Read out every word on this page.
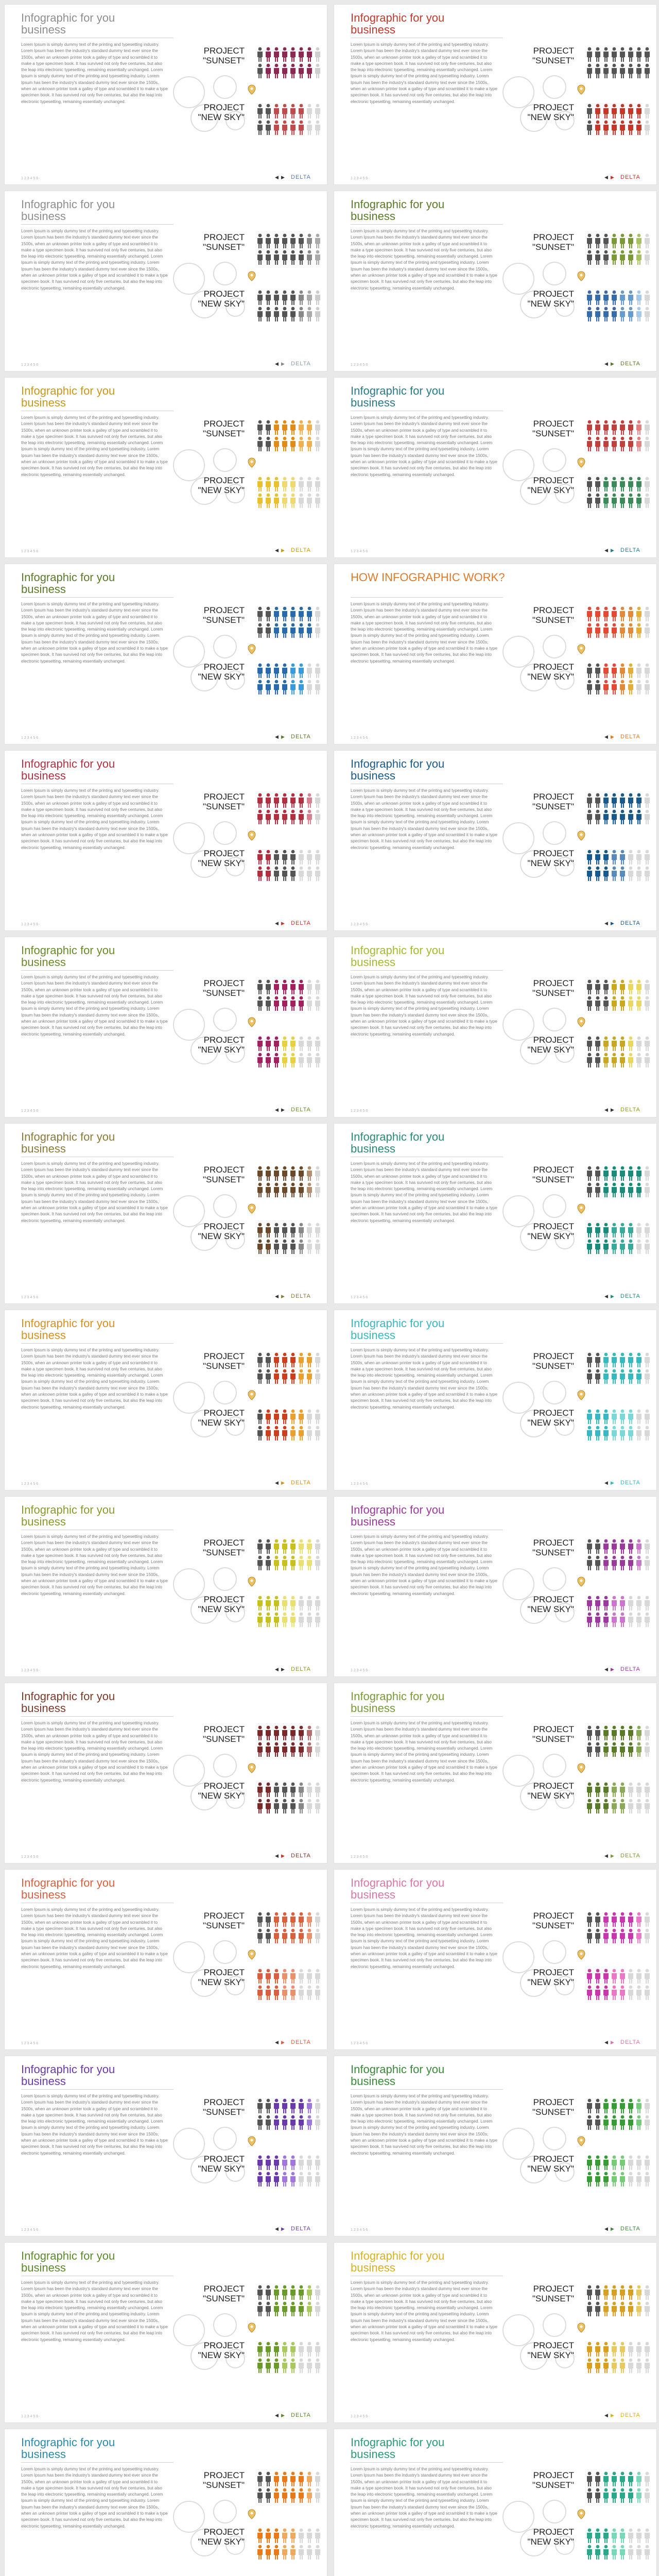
Infographic for you
business

Lorem Ipsum is simply dummy text of the printing and typesetting industry. Lorem Ipsum has been the industry's standard dummy text ever since the 1500s, when an unknown printer took a galley of type and scrambled it to make a type specimen book. It has survived not only five centuries, but also the leap into electronic typesetting, remaining essentially unchanged. Lorem Ipsum is simply dummy text of the printing and typesetting industry. Lorem Ipsum has been the industry's standard dummy text ever since the 1500s, when an unknown printer took a galley of type and scrambled it to make a type specimen book. It has survived not only five centuries, but also the leap into electronic typesetting, remaining essentially unchanged.

PROJECT
"SUNSET"
PROJECT
"NEW SKY"
1 2 3 4 5 6	◀ ▶ DELTA
Infographic for you
business

Lorem Ipsum is simply dummy text of the printing and typesetting industry. Lorem Ipsum has been the industry's standard dummy text ever since the 1500s, when an unknown printer took a galley of type and scrambled it to make a type specimen book. It has survived not only five centuries, but also the leap into electronic typesetting, remaining essentially unchanged. Lorem Ipsum is simply dummy text of the printing and typesetting industry. Lorem Ipsum has been the industry's standard dummy text ever since the 1500s, when an unknown printer took a galley of type and scrambled it to make a type specimen book. It has survived not only five centuries, but also the leap into electronic typesetting, remaining essentially unchanged.

PROJECT
"SUNSET"
PROJECT
"NEW SKY"
1 2 3 4 5 6	◀ ▶ DELTA
Infographic for you
business

Lorem Ipsum is simply dummy text of the printing and typesetting industry. Lorem Ipsum has been the industry's standard dummy text ever since the 1500s, when an unknown printer took a galley of type and scrambled it to make a type specimen book. It has survived not only five centuries, but also the leap into electronic typesetting, remaining essentially unchanged. Lorem Ipsum is simply dummy text of the printing and typesetting industry. Lorem Ipsum has been the industry's standard dummy text ever since the 1500s, when an unknown printer took a galley of type and scrambled it to make a type specimen book. It has survived not only five centuries, but also the leap into electronic typesetting, remaining essentially unchanged.

PROJECT
"SUNSET"
PROJECT
"NEW SKY"
1 2 3 4 5 6	◀ ▶ DELTA
Infographic for you
business

Lorem Ipsum is simply dummy text of the printing and typesetting industry. Lorem Ipsum has been the industry's standard dummy text ever since the 1500s, when an unknown printer took a galley of type and scrambled it to make a type specimen book. It has survived not only five centuries, but also the leap into electronic typesetting, remaining essentially unchanged. Lorem Ipsum is simply dummy text of the printing and typesetting industry. Lorem Ipsum has been the industry's standard dummy text ever since the 1500s, when an unknown printer took a galley of type and scrambled it to make a type specimen book. It has survived not only five centuries, but also the leap into electronic typesetting, remaining essentially unchanged.

PROJECT
"SUNSET"
PROJECT
"NEW SKY"
1 2 3 4 5 6	◀ ▶ DELTA
Infographic for you
business

Lorem Ipsum is simply dummy text of the printing and typesetting industry. Lorem Ipsum has been the industry's standard dummy text ever since the 1500s, when an unknown printer took a galley of type and scrambled it to make a type specimen book. It has survived not only five centuries, but also the leap into electronic typesetting, remaining essentially unchanged. Lorem Ipsum is simply dummy text of the printing and typesetting industry. Lorem Ipsum has been the industry's standard dummy text ever since the 1500s, when an unknown printer took a galley of type and scrambled it to make a type specimen book. It has survived not only five centuries, but also the leap into electronic typesetting, remaining essentially unchanged.

PROJECT
"SUNSET"
PROJECT
"NEW SKY"
1 2 3 4 5 6	◀ ▶ DELTA
Infographic for you
business

Lorem Ipsum is simply dummy text of the printing and typesetting industry. Lorem Ipsum has been the industry's standard dummy text ever since the 1500s, when an unknown printer took a galley of type and scrambled it to make a type specimen book. It has survived not only five centuries, but also the leap into electronic typesetting, remaining essentially unchanged. Lorem Ipsum is simply dummy text of the printing and typesetting industry. Lorem Ipsum has been the industry's standard dummy text ever since the 1500s, when an unknown printer took a galley of type and scrambled it to make a type specimen book. It has survived not only five centuries, but also the leap into electronic typesetting, remaining essentially unchanged.

PROJECT
"SUNSET"
PROJECT
"NEW SKY"
1 2 3 4 5 6	◀ ▶ DELTA
Infographic for you
business

Lorem Ipsum is simply dummy text of the printing and typesetting industry. Lorem Ipsum has been the industry's standard dummy text ever since the 1500s, when an unknown printer took a galley of type and scrambled it to make a type specimen book. It has survived not only five centuries, but also the leap into electronic typesetting, remaining essentially unchanged. Lorem Ipsum is simply dummy text of the printing and typesetting industry. Lorem Ipsum has been the industry's standard dummy text ever since the 1500s, when an unknown printer took a galley of type and scrambled it to make a type specimen book. It has survived not only five centuries, but also the leap into electronic typesetting, remaining essentially unchanged.

PROJECT
"SUNSET"
PROJECT
"NEW SKY"
1 2 3 4 5 6	◀ ▶ DELTA
HOW INFOGRAPHIC WORK?

Lorem Ipsum is simply dummy text of the printing and typesetting industry. Lorem Ipsum has been the industry's standard dummy text ever since the 1500s, when an unknown printer took a galley of type and scrambled it to make a type specimen book. It has survived not only five centuries, but also the leap into electronic typesetting, remaining essentially unchanged. Lorem Ipsum is simply dummy text of the printing and typesetting industry. Lorem Ipsum has been the industry's standard dummy text ever since the 1500s, when an unknown printer took a galley of type and scrambled it to make a type specimen book. It has survived not only five centuries, but also the leap into electronic typesetting, remaining essentially unchanged.

PROJECT
"SUNSET"
PROJECT
"NEW SKY"
1 2 3 4 5 6	◀ ▶ DELTA
Infographic for you
business

Lorem Ipsum is simply dummy text of the printing and typesetting industry. Lorem Ipsum has been the industry's standard dummy text ever since the 1500s, when an unknown printer took a galley of type and scrambled it to make a type specimen book. It has survived not only five centuries, but also the leap into electronic typesetting, remaining essentially unchanged. Lorem Ipsum is simply dummy text of the printing and typesetting industry. Lorem Ipsum has been the industry's standard dummy text ever since the 1500s, when an unknown printer took a galley of type and scrambled it to make a type specimen book. It has survived not only five centuries, but also the leap into electronic typesetting, remaining essentially unchanged.

PROJECT
"SUNSET"
PROJECT
"NEW SKY"
1 2 3 4 5 6	◀ ▶ DELTA
Infographic for you
business

Lorem Ipsum is simply dummy text of the printing and typesetting industry. Lorem Ipsum has been the industry's standard dummy text ever since the 1500s, when an unknown printer took a galley of type and scrambled it to make a type specimen book. It has survived not only five centuries, but also the leap into electronic typesetting, remaining essentially unchanged. Lorem Ipsum is simply dummy text of the printing and typesetting industry. Lorem Ipsum has been the industry's standard dummy text ever since the 1500s, when an unknown printer took a galley of type and scrambled it to make a type specimen book. It has survived not only five centuries, but also the leap into electronic typesetting, remaining essentially unchanged.

PROJECT
"SUNSET"
PROJECT
"NEW SKY"
1 2 3 4 5 6	◀ ▶ DELTA
Infographic for you
business

Lorem Ipsum is simply dummy text of the printing and typesetting industry. Lorem Ipsum has been the industry's standard dummy text ever since the 1500s, when an unknown printer took a galley of type and scrambled it to make a type specimen book. It has survived not only five centuries, but also the leap into electronic typesetting, remaining essentially unchanged. Lorem Ipsum is simply dummy text of the printing and typesetting industry. Lorem Ipsum has been the industry's standard dummy text ever since the 1500s, when an unknown printer took a galley of type and scrambled it to make a type specimen book. It has survived not only five centuries, but also the leap into electronic typesetting, remaining essentially unchanged.

PROJECT
"SUNSET"
PROJECT
"NEW SKY"
1 2 3 4 5 6	◀ ▶ DELTA
Infographic for you
business

Lorem Ipsum is simply dummy text of the printing and typesetting industry. Lorem Ipsum has been the industry's standard dummy text ever since the 1500s, when an unknown printer took a galley of type and scrambled it to make a type specimen book. It has survived not only five centuries, but also the leap into electronic typesetting, remaining essentially unchanged. Lorem Ipsum is simply dummy text of the printing and typesetting industry. Lorem Ipsum has been the industry's standard dummy text ever since the 1500s, when an unknown printer took a galley of type and scrambled it to make a type specimen book. It has survived not only five centuries, but also the leap into electronic typesetting, remaining essentially unchanged.

PROJECT
"SUNSET"
PROJECT
"NEW SKY"
1 2 3 4 5 6	◀ ▶ DELTA
Infographic for you
business

Lorem Ipsum is simply dummy text of the printing and typesetting industry. Lorem Ipsum has been the industry's standard dummy text ever since the 1500s, when an unknown printer took a galley of type and scrambled it to make a type specimen book. It has survived not only five centuries, but also the leap into electronic typesetting, remaining essentially unchanged. Lorem Ipsum is simply dummy text of the printing and typesetting industry. Lorem Ipsum has been the industry's standard dummy text ever since the 1500s, when an unknown printer took a galley of type and scrambled it to make a type specimen book. It has survived not only five centuries, but also the leap into electronic typesetting, remaining essentially unchanged.

PROJECT
"SUNSET"
PROJECT
"NEW SKY"
1 2 3 4 5 6	◀ ▶ DELTA
Infographic for you
business

Lorem Ipsum is simply dummy text of the printing and typesetting industry. Lorem Ipsum has been the industry's standard dummy text ever since the 1500s, when an unknown printer took a galley of type and scrambled it to make a type specimen book. It has survived not only five centuries, but also the leap into electronic typesetting, remaining essentially unchanged. Lorem Ipsum is simply dummy text of the printing and typesetting industry. Lorem Ipsum has been the industry's standard dummy text ever since the 1500s, when an unknown printer took a galley of type and scrambled it to make a type specimen book. It has survived not only five centuries, but also the leap into electronic typesetting, remaining essentially unchanged.

PROJECT
"SUNSET"
PROJECT
"NEW SKY"
1 2 3 4 5 6	◀ ▶ DELTA
Infographic for you
business

Lorem Ipsum is simply dummy text of the printing and typesetting industry. Lorem Ipsum has been the industry's standard dummy text ever since the 1500s, when an unknown printer took a galley of type and scrambled it to make a type specimen book. It has survived not only five centuries, but also the leap into electronic typesetting, remaining essentially unchanged. Lorem Ipsum is simply dummy text of the printing and typesetting industry. Lorem Ipsum has been the industry's standard dummy text ever since the 1500s, when an unknown printer took a galley of type and scrambled it to make a type specimen book. It has survived not only five centuries, but also the leap into electronic typesetting, remaining essentially unchanged.

PROJECT
"SUNSET"
PROJECT
"NEW SKY"
1 2 3 4 5 6	◀ ▶ DELTA
Infographic for you
business

Lorem Ipsum is simply dummy text of the printing and typesetting industry. Lorem Ipsum has been the industry's standard dummy text ever since the 1500s, when an unknown printer took a galley of type and scrambled it to make a type specimen book. It has survived not only five centuries, but also the leap into electronic typesetting, remaining essentially unchanged. Lorem Ipsum is simply dummy text of the printing and typesetting industry. Lorem Ipsum has been the industry's standard dummy text ever since the 1500s, when an unknown printer took a galley of type and scrambled it to make a type specimen book. It has survived not only five centuries, but also the leap into electronic typesetting, remaining essentially unchanged.

PROJECT
"SUNSET"
PROJECT
"NEW SKY"
1 2 3 4 5 6	◀ ▶ DELTA
Infographic for you
business

Lorem Ipsum is simply dummy text of the printing and typesetting industry. Lorem Ipsum has been the industry's standard dummy text ever since the 1500s, when an unknown printer took a galley of type and scrambled it to make a type specimen book. It has survived not only five centuries, but also the leap into electronic typesetting, remaining essentially unchanged. Lorem Ipsum is simply dummy text of the printing and typesetting industry. Lorem Ipsum has been the industry's standard dummy text ever since the 1500s, when an unknown printer took a galley of type and scrambled it to make a type specimen book. It has survived not only five centuries, but also the leap into electronic typesetting, remaining essentially unchanged.

PROJECT
"SUNSET"
PROJECT
"NEW SKY"
1 2 3 4 5 6	◀ ▶ DELTA
Infographic for you
business

Lorem Ipsum is simply dummy text of the printing and typesetting industry. Lorem Ipsum has been the industry's standard dummy text ever since the 1500s, when an unknown printer took a galley of type and scrambled it to make a type specimen book. It has survived not only five centuries, but also the leap into electronic typesetting, remaining essentially unchanged. Lorem Ipsum is simply dummy text of the printing and typesetting industry. Lorem Ipsum has been the industry's standard dummy text ever since the 1500s, when an unknown printer took a galley of type and scrambled it to make a type specimen book. It has survived not only five centuries, but also the leap into electronic typesetting, remaining essentially unchanged.

PROJECT
"SUNSET"
PROJECT
"NEW SKY"
1 2 3 4 5 6	◀ ▶ DELTA
Infographic for you
business

Lorem Ipsum is simply dummy text of the printing and typesetting industry. Lorem Ipsum has been the industry's standard dummy text ever since the 1500s, when an unknown printer took a galley of type and scrambled it to make a type specimen book. It has survived not only five centuries, but also the leap into electronic typesetting, remaining essentially unchanged. Lorem Ipsum is simply dummy text of the printing and typesetting industry. Lorem Ipsum has been the industry's standard dummy text ever since the 1500s, when an unknown printer took a galley of type and scrambled it to make a type specimen book. It has survived not only five centuries, but also the leap into electronic typesetting, remaining essentially unchanged.

PROJECT
"SUNSET"
PROJECT
"NEW SKY"
1 2 3 4 5 6	◀ ▶ DELTA
Infographic for you
business

Lorem Ipsum is simply dummy text of the printing and typesetting industry. Lorem Ipsum has been the industry's standard dummy text ever since the 1500s, when an unknown printer took a galley of type and scrambled it to make a type specimen book. It has survived not only five centuries, but also the leap into electronic typesetting, remaining essentially unchanged. Lorem Ipsum is simply dummy text of the printing and typesetting industry. Lorem Ipsum has been the industry's standard dummy text ever since the 1500s, when an unknown printer took a galley of type and scrambled it to make a type specimen book. It has survived not only five centuries, but also the leap into electronic typesetting, remaining essentially unchanged.

PROJECT
"SUNSET"
PROJECT
"NEW SKY"
1 2 3 4 5 6	◀ ▶ DELTA
Infographic for you
business

Lorem Ipsum is simply dummy text of the printing and typesetting industry. Lorem Ipsum has been the industry's standard dummy text ever since the 1500s, when an unknown printer took a galley of type and scrambled it to make a type specimen book. It has survived not only five centuries, but also the leap into electronic typesetting, remaining essentially unchanged. Lorem Ipsum is simply dummy text of the printing and typesetting industry. Lorem Ipsum has been the industry's standard dummy text ever since the 1500s, when an unknown printer took a galley of type and scrambled it to make a type specimen book. It has survived not only five centuries, but also the leap into electronic typesetting, remaining essentially unchanged.

PROJECT
"SUNSET"
PROJECT
"NEW SKY"
1 2 3 4 5 6	◀ ▶ DELTA
Infographic for you
business

Lorem Ipsum is simply dummy text of the printing and typesetting industry. Lorem Ipsum has been the industry's standard dummy text ever since the 1500s, when an unknown printer took a galley of type and scrambled it to make a type specimen book. It has survived not only five centuries, but also the leap into electronic typesetting, remaining essentially unchanged. Lorem Ipsum is simply dummy text of the printing and typesetting industry. Lorem Ipsum has been the industry's standard dummy text ever since the 1500s, when an unknown printer took a galley of type and scrambled it to make a type specimen book. It has survived not only five centuries, but also the leap into electronic typesetting, remaining essentially unchanged.

PROJECT
"SUNSET"
PROJECT
"NEW SKY"
1 2 3 4 5 6	◀ ▶ DELTA
Infographic for you
business

Lorem Ipsum is simply dummy text of the printing and typesetting industry. Lorem Ipsum has been the industry's standard dummy text ever since the 1500s, when an unknown printer took a galley of type and scrambled it to make a type specimen book. It has survived not only five centuries, but also the leap into electronic typesetting, remaining essentially unchanged. Lorem Ipsum is simply dummy text of the printing and typesetting industry. Lorem Ipsum has been the industry's standard dummy text ever since the 1500s, when an unknown printer took a galley of type and scrambled it to make a type specimen book. It has survived not only five centuries, but also the leap into electronic typesetting, remaining essentially unchanged.

PROJECT
"SUNSET"
PROJECT
"NEW SKY"
1 2 3 4 5 6	◀ ▶ DELTA
Infographic for you
business

Lorem Ipsum is simply dummy text of the printing and typesetting industry. Lorem Ipsum has been the industry's standard dummy text ever since the 1500s, when an unknown printer took a galley of type and scrambled it to make a type specimen book. It has survived not only five centuries, but also the leap into electronic typesetting, remaining essentially unchanged. Lorem Ipsum is simply dummy text of the printing and typesetting industry. Lorem Ipsum has been the industry's standard dummy text ever since the 1500s, when an unknown printer took a galley of type and scrambled it to make a type specimen book. It has survived not only five centuries, but also the leap into electronic typesetting, remaining essentially unchanged.

PROJECT
"SUNSET"
PROJECT
"NEW SKY"
1 2 3 4 5 6	◀ ▶ DELTA
Infographic for you
business

Lorem Ipsum is simply dummy text of the printing and typesetting industry. Lorem Ipsum has been the industry's standard dummy text ever since the 1500s, when an unknown printer took a galley of type and scrambled it to make a type specimen book. It has survived not only five centuries, but also the leap into electronic typesetting, remaining essentially unchanged. Lorem Ipsum is simply dummy text of the printing and typesetting industry. Lorem Ipsum has been the industry's standard dummy text ever since the 1500s, when an unknown printer took a galley of type and scrambled it to make a type specimen book. It has survived not only five centuries, but also the leap into electronic typesetting, remaining essentially unchanged.

PROJECT
"SUNSET"
PROJECT
"NEW SKY"
1 2 3 4 5 6	◀ ▶ DELTA
Infographic for you
business

Lorem Ipsum is simply dummy text of the printing and typesetting industry. Lorem Ipsum has been the industry's standard dummy text ever since the 1500s, when an unknown printer took a galley of type and scrambled it to make a type specimen book. It has survived not only five centuries, but also the leap into electronic typesetting, remaining essentially unchanged. Lorem Ipsum is simply dummy text of the printing and typesetting industry. Lorem Ipsum has been the industry's standard dummy text ever since the 1500s, when an unknown printer took a galley of type and scrambled it to make a type specimen book. It has survived not only five centuries, but also the leap into electronic typesetting, remaining essentially unchanged.

PROJECT
"SUNSET"
PROJECT
"NEW SKY"
1 2 3 4 5 6	◀ ▶ DELTA
Infographic for you
business

Lorem Ipsum is simply dummy text of the printing and typesetting industry. Lorem Ipsum has been the industry's standard dummy text ever since the 1500s, when an unknown printer took a galley of type and scrambled it to make a type specimen book. It has survived not only five centuries, but also the leap into electronic typesetting, remaining essentially unchanged. Lorem Ipsum is simply dummy text of the printing and typesetting industry. Lorem Ipsum has been the industry's standard dummy text ever since the 1500s, when an unknown printer took a galley of type and scrambled it to make a type specimen book. It has survived not only five centuries, but also the leap into electronic typesetting, remaining essentially unchanged.

PROJECT
"SUNSET"
PROJECT
"NEW SKY"
Infographic for you
business

Lorem Ipsum is simply dummy text of the printing and typesetting industry. Lorem Ipsum has been the industry's standard dummy text ever since the 1500s, when an unknown printer took a galley of type and scrambled it to make a type specimen book. It has survived not only five centuries, but also the leap into electronic typesetting, remaining essentially unchanged. Lorem Ipsum is simply dummy text of the printing and typesetting industry. Lorem Ipsum has been the industry's standard dummy text ever since the 1500s, when an unknown printer took a galley of type and scrambled it to make a type specimen book. It has survived not only five centuries, but also the leap into electronic typesetting, remaining essentially unchanged.

PROJECT
"SUNSET"
PROJECT
"NEW SKY"
